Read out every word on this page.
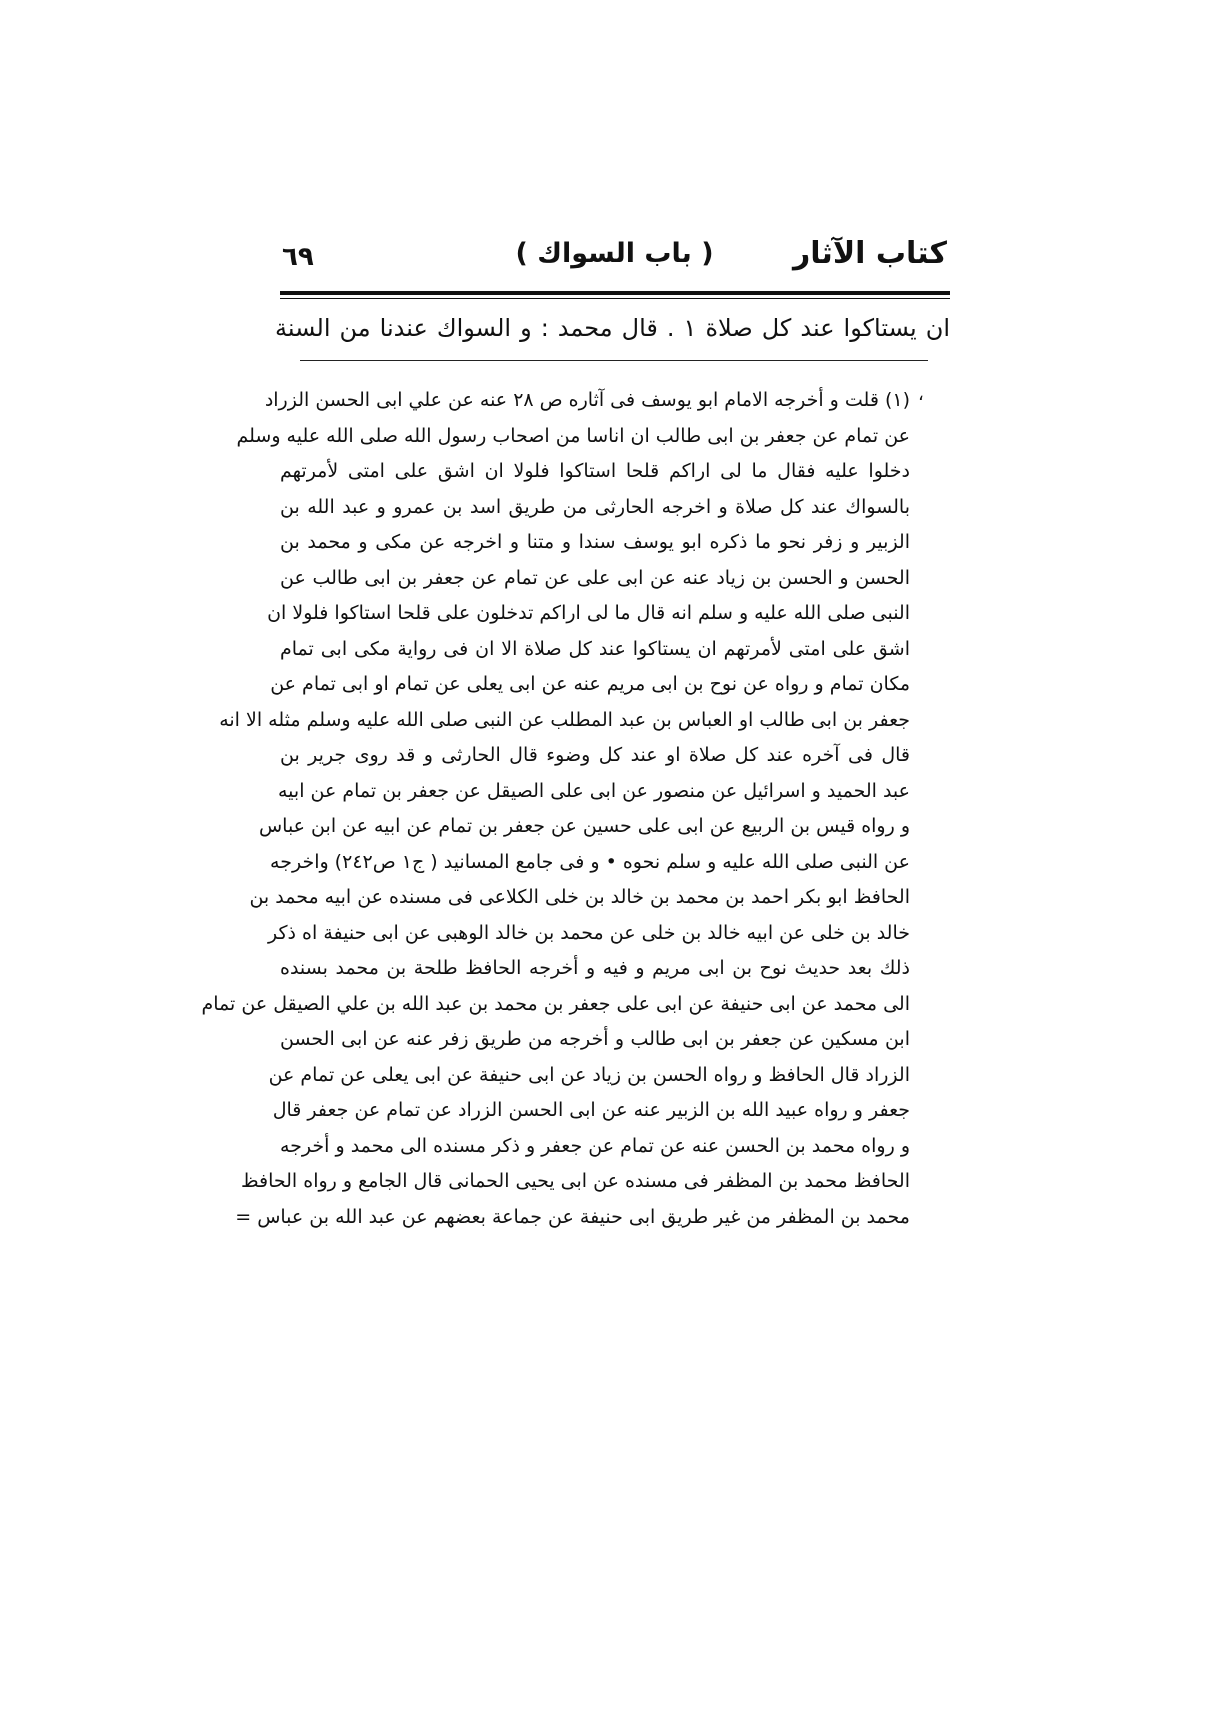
كتاب الآثار
( باب السواك )
٦٩
ان يستاكوا عند كل صلاة ١ . قال محمد : و السواك عندنا من السنة
،
(١) قلت و أخرجه الامام ابو يوسف فى آثاره ص ٢٨ عنه عن علي ابى الحسن الزراد
عن تمام عن جعفر بن ابى طالب ان اناسا من اصحاب رسول الله صلى الله عليه وسلم
دخلوا عليه فقال ما لى اراكم قلحا استاكوا فلولا ان اشق على امتى لأمرتهم
بالسواك عند كل صلاة و اخرجه الحارثى من طريق اسد بن عمرو و عبد الله بن
الزبير و زفر نحو ما ذكره ابو يوسف سندا و متنا و اخرجه عن مكى و محمد بن
الحسن و الحسن بن زياد عنه عن ابى على عن تمام عن جعفر بن ابى طالب عن
النبى صلى الله عليه و سلم انه قال ما لى اراكم تدخلون على قلحا استاكوا فلولا ان
اشق على امتى لأمرتهم ان يستاكوا عند كل صلاة الا ان فى رواية مكى ابى تمام
مكان تمام و رواه عن نوح بن ابى مريم عنه عن ابى يعلى عن تمام او ابى تمام عن
جعفر بن ابى طالب او العباس بن عبد المطلب عن النبى صلى الله عليه وسلم مثله الا انه
قال فى آخره عند كل صلاة او عند كل وضوء قال الحارثى و قد روى جرير بن
عبد الحميد و اسرائيل عن منصور عن ابى على الصيقل عن جعفر بن تمام عن ابيه
و رواه قيس بن الربيع عن ابى على حسين عن جعفر بن تمام عن ابيه عن ابن عباس
عن النبى صلى الله عليه و سلم نحوه • و فى جامع المسانيد ( ج١ ص٢٤٢) واخرجه
الحافظ ابو بكر احمد بن محمد بن خالد بن خلى الكلاعى فى مسنده عن ابيه محمد بن
خالد بن خلى عن ابيه خالد بن خلى عن محمد بن خالد الوهبى عن ابى حنيفة اه ذكر
ذلك بعد حديث نوح بن ابى مريم و فيه و أخرجه الحافظ طلحة بن محمد بسنده
الى محمد عن ابى حنيفة عن ابى على جعفر بن محمد بن عبد الله بن علي الصيقل عن تمام
ابن مسكين عن جعفر بن ابى طالب و أخرجه من طريق زفر عنه عن ابى الحسن
الزراد قال الحافظ و رواه الحسن بن زياد عن ابى حنيفة عن ابى يعلى عن تمام عن
جعفر و رواه عبيد الله بن الزبير عنه عن ابى الحسن الزراد عن تمام عن جعفر قال
و رواه محمد بن الحسن عنه عن تمام عن جعفر و ذكر مسنده الى محمد و أخرجه
الحافظ محمد بن المظفر فى مسنده عن ابى يحيى الحمانى قال الجامع و رواه الحافظ
محمد بن المظفر من غير طريق ابى حنيفة عن جماعة بعضهم عن عبد الله بن عباس =
